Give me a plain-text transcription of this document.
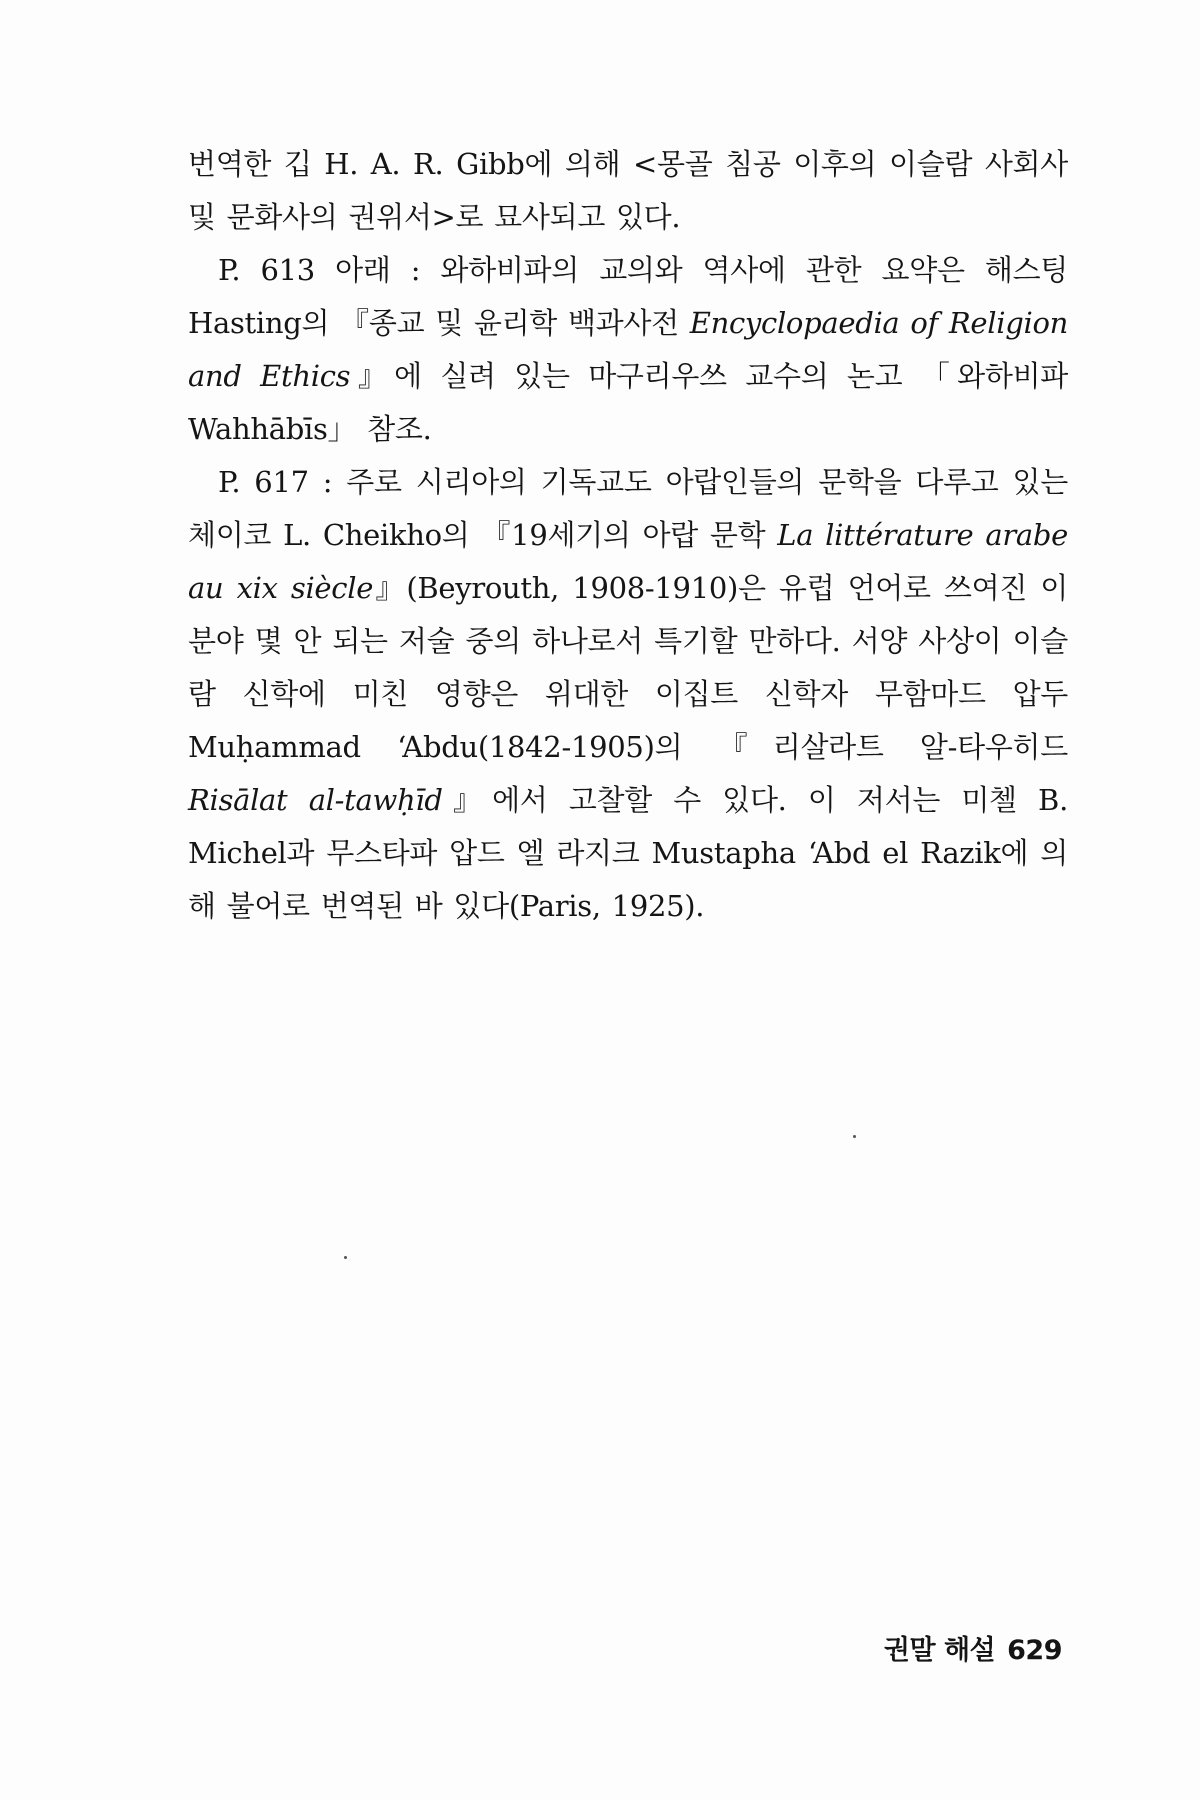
번역한 깁 H. A. R. Gibb에 의해 <몽골 침공 이후의 이슬람 사회사 및 문화사의 권위서>로 묘사되고 있다.

P. 613 아래 : 와하비파의 교의와 역사에 관한 요약은 해스팅 Hasting의 『종교 및 윤리학 백과사전 Encyclopaedia of Religion and Ethics』에 실려 있는 마구리우쓰 교수의 논고 「와하비파 Wahhābīs」 참조.

P. 617 : 주로 시리아의 기독교도 아랍인들의 문학을 다루고 있는 체이코 L. Cheikho의 『19세기의 아랍 문학 La littérature arabe au xix siècle』(Beyrouth, 1908-1910)은 유럽 언어로 쓰여진 이 분야 몇 안 되는 저술 중의 하나로서 특기할 만하다. 서양 사상이 이슬람 신학에 미친 영향은 위대한 이집트 신학자 무함마드 압두 Muḥammad ‘Abdu(1842-1905)의 『리살라트 알-타우히드 Risālat al-tawḥīd』에서 고찰할 수 있다. 이 저서는 미첼 B. Michel과 무스타파 압드 엘 라지크 Mustapha ‘Abd el Razik에 의해 불어로 번역된 바 있다(Paris, 1925).

권말 해설 629
